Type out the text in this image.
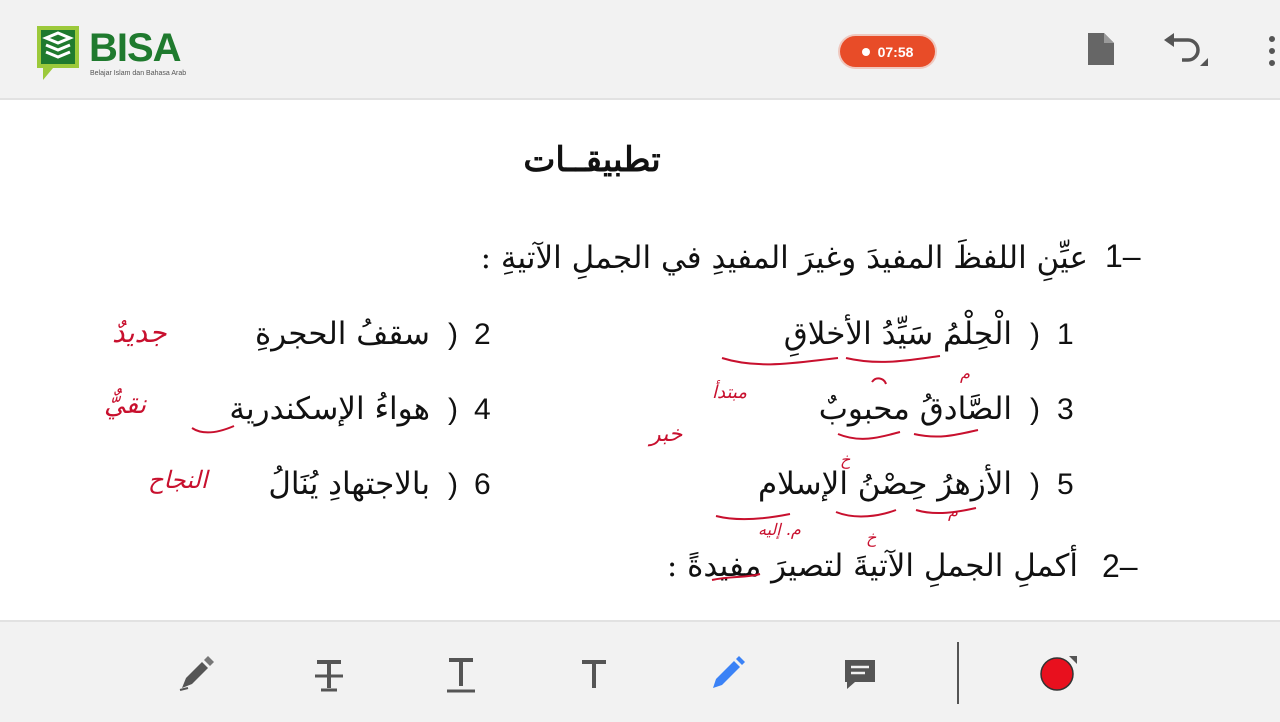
BISA
Belajar Islam dan Bahasa Arab
07:58
تطبيقــات
1–
عيِّنِ اللفظَ المفيدَ وغيرَ المفيدِ في الجملِ الآتيةِ :
1
)
الْحِلْمُ سَيِّدُ الأخلاقِ
2
)
سقفُ الحجرةِ
3
)
الصَّادقُ محبوبٌ
4
)
هواءُ الإسكندرية
5
)
الأزهرُ حِصْنُ الإسلام
6
)
بالاجتهادِ يُنَالُ
2–
أكملِ الجملِ الآتيةَ لتصيرَ مفيدةً :
جديدٌ
نقيٌّ
النجاح
خبر
مبتدأ
م. إليه
م
م
خ
خ
